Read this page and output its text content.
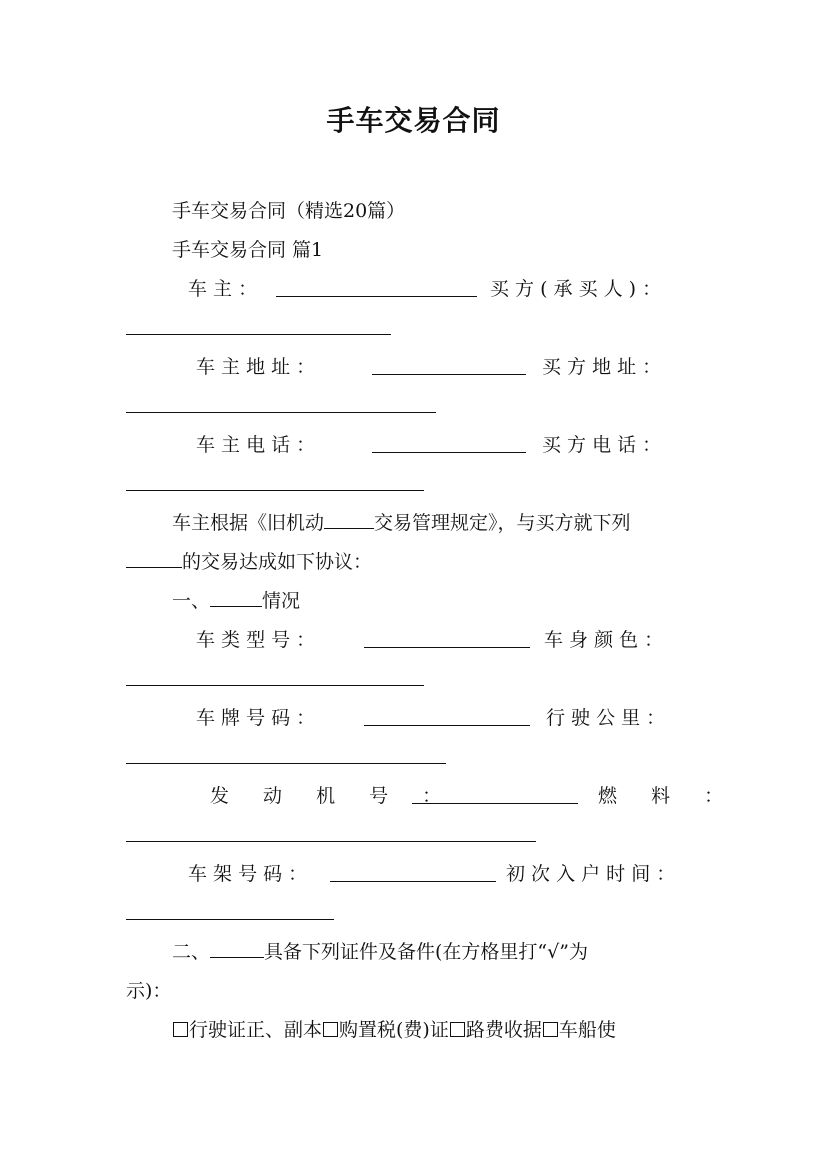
手车交易合同
手车交易合同（精选20篇）
手车交易合同 篇1
车 主 ：	买 方 ( 承 买 人 ) ：
车 主 地 址 ：	买 方 地 址 ：
车 主 电 话 ：	买 方 电 话 ：
车主根据《旧机动	交易管理规定》，与买方就下列
的交易达成如下协议：
一、	情况
车 类 型 号 ：	车 身 颜 色 ：
车 牌 号 码 ：	行 驶 公 里 ：
发 动 机 号 ：	燃 料 ：
车 架 号 码 ：	初 次 入 户 时 间 ：
二、	具备下列证件及备件(在方格里打“√”为
示)：
行驶证正、副本 购置税(费)证 路费收据 车船使
